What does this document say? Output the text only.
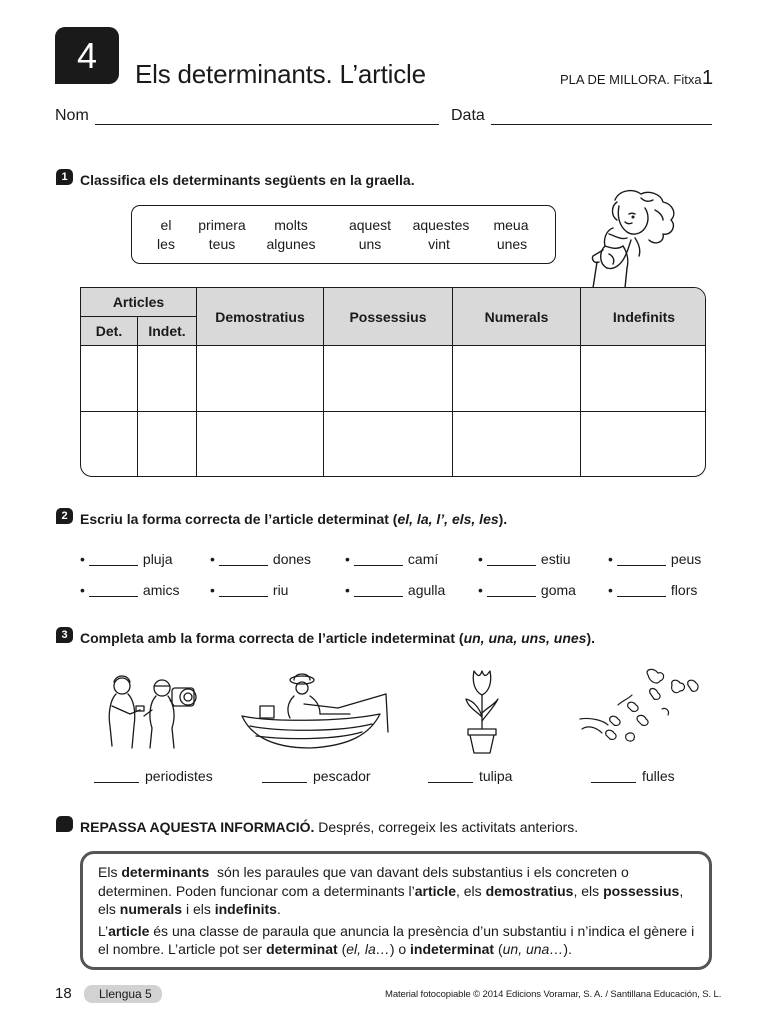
4	Els determinants. L’article	PLA DE MILLORA. Fitxa 1
Nom	Data
1 Classifica els determinants següents en la graella.
el	primera	molts	aquest	aquestes	meua
les	teus	algunes	uns	vint	unes
Articles
Det.	Indet.
Demostratius	Possessius	Numerals	Indefinits
2 Escriu la forma correcta de l’article determinat (el, la, l’, els, les).
•	pluja	•	dones •	camí	•	estiu	•	peus
•	amics •	riu	•	agulla •	goma •	flors
3 Completa amb la forma correcta de l’article indeterminat (un, una, uns, unes).
periodistes	pescador	tulipa	fulles
REPASSA AQUESTA INFORMACIÓ. Després, corregeix les activitats anteriors.

Els determinants són les paraules que van davant dels substantius i els concreten o determinen. Poden funcionar com a determinants l’article, els demostratius, els possessius, els numerals i els indefinits.

L’article és una classe de paraula que anuncia la presència d’un substantiu i n’indica el gènere i el nombre. L’article pot ser determinat (el, la…) o indeterminat (un, una…).

18	Llengua 5	Material fotocopiable © 2014 Edicions Voramar, S. A. / Santillana Educación, S. L.
